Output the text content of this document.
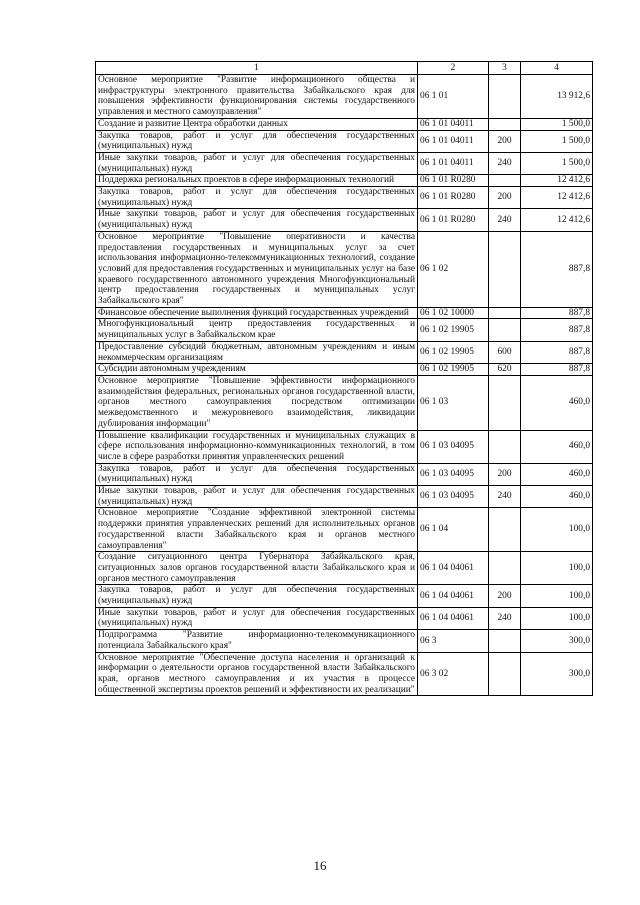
1	2	3	4
Основное мероприятие "Развитие информационного общества и инфраструктуры электронного правительства Забайкальского края для повышения эффективности функционирования системы государственного управления и местного самоуправления"	06 1 01		13 912,6
Создание и развитие Центра обработки данных	06 1 01 04011		1 500,0
Закупка товаров, работ и услуг для обеспечения государственных (муниципальных) нужд	06 1 01 04011	200	1 500,0
Иные закупки товаров, работ и услуг для обеспечения государственных (муниципальных) нужд	06 1 01 04011	240	1 500,0
Поддержка региональных проектов в сфере информационных технологий	06 1 01 R0280		12 412,6
Закупка товаров, работ и услуг для обеспечения государственных (муниципальных) нужд	06 1 01 R0280	200	12 412,6
Иные закупки товаров, работ и услуг для обеспечения государственных (муниципальных) нужд	06 1 01 R0280	240	12 412,6
Основное мероприятие "Повышение оперативности и качества предоставления государственных и муниципальных услуг за счет использования информационно-телекоммуникационных технологий, создание условий для предоставления государственных и муниципальных услуг на базе краевого государственного автономного учреждения Многофункциональный центр предоставления государственных и муниципальных услуг Забайкальского края"	06 1 02		887,8
Финансовое обеспечение выполнения функций государственных учреждений	06 1 02 10000		887,8
Многофункциональный центр предоставления государственных и муниципальных услуг в Забайкальском крае	06 1 02 19905		887,8
Предоставление субсидий бюджетным, автономным учреждениям и иным некоммерческим организациям	06 1 02 19905	600	887,8
Субсидии автономным учреждениям	06 1 02 19905	620	887,8
Основное мероприятие "Повышение эффективности информационного взаимодействия федеральных, региональных органов государственной власти, органов местного самоуправления посредством оптимизации межведомственного и межуровневого взаимодействия, ликвидации дублирования информации"	06 1 03		460,0
Повышение квалификации государственных и муниципальных служащих в сфере использования информационно-коммуникационных технологий, в том числе в сфере разработки принятия управленческих решений	06 1 03 04095		460,0
Закупка товаров, работ и услуг для обеспечения государственных (муниципальных) нужд	06 1 03 04095	200	460,0
Иные закупки товаров, работ и услуг для обеспечения государственных (муниципальных) нужд	06 1 03 04095	240	460,0
Основное мероприятие "Создание эффективной электронной системы поддержки принятия управленческих решений для исполнительных органов государственной власти Забайкальского края и органов местного самоуправления"	06 1 04		100,0
Создание ситуационного центра Губернатора Забайкальского края, ситуационных залов органов государственной власти Забайкальского края и органов местного самоуправления	06 1 04 04061		100,0
Закупка товаров, работ и услуг для обеспечения государственных (муниципальных) нужд	06 1 04 04061	200	100,0
Иные закупки товаров, работ и услуг для обеспечения государственных (муниципальных) нужд	06 1 04 04061	240	100,0
Подпрограмма "Развитие информационно-телекоммуникационного потенциала Забайкальского края"	06 3		300,0
Основное мероприятие "Обеспечение доступа населения и организаций к информации о деятельности органов государственной власти Забайкальского края, органов местного самоуправления и их участия в процессе общественной экспертизы проектов решений и эффективности их реализации"	06 3 02		300,0
16
